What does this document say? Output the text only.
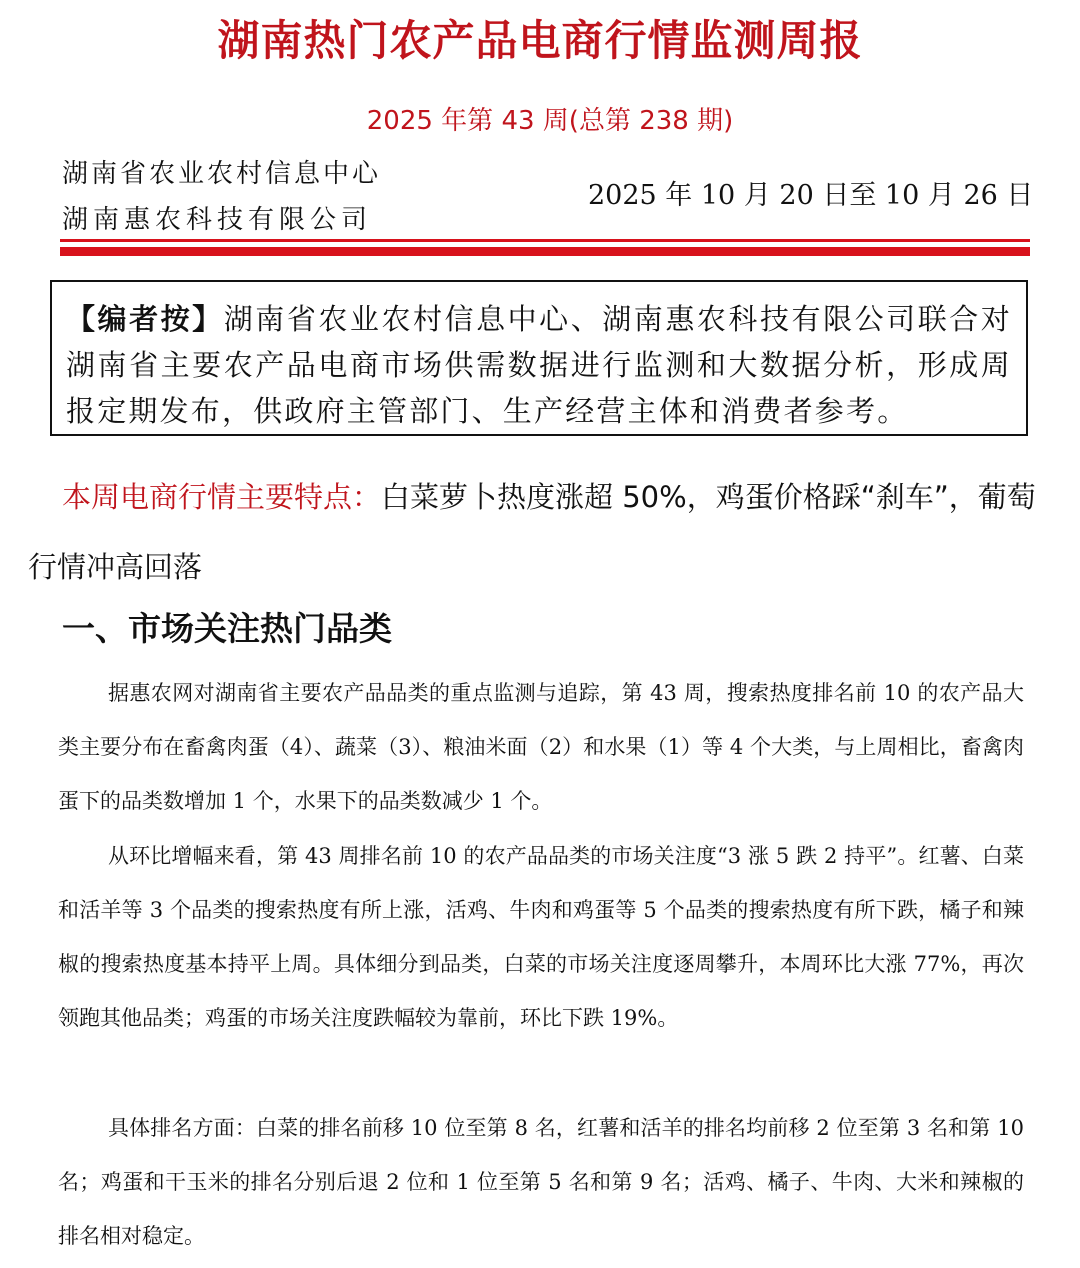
湖南热门农产品电商行情监测周报
2025 年第 43 周(总第 238 期)
湖南省农业农村信息中心
湖南惠农科技有限公司
2025 年 10 月 20 日至 10 月 26 日
【编者按】湖南省农业农村信息中心、湖南惠农科技有限公司联合对湖南省主要农产品电商市场供需数据进行监测和大数据分析，形成周报定期发布，供政府主管部门、生产经营主体和消费者参考。
本周电商行情主要特点：白菜萝卜热度涨超 50%，鸡蛋价格踩“刹车”，葡萄行情冲高回落
一、市场关注热门品类
据惠农网对湖南省主要农产品品类的重点监测与追踪，第 43 周，搜索热度排名前 10 的农产品大类主要分布在畜禽肉蛋（4）、蔬菜（3）、粮油米面（2）和水果（1）等 4 个大类，与上周相比，畜禽肉蛋下的品类数增加 1 个，水果下的品类数减少 1 个。
从环比增幅来看，第 43 周排名前 10 的农产品品类的市场关注度“3 涨 5 跌 2 持平”。红薯、白菜和活羊等 3 个品类的搜索热度有所上涨，活鸡、牛肉和鸡蛋等 5 个品类的搜索热度有所下跌，橘子和辣椒的搜索热度基本持平上周。具体细分到品类，白菜的市场关注度逐周攀升，本周环比大涨 77%，再次领跑其他品类；鸡蛋的市场关注度跌幅较为靠前，环比下跌 19%。
具体排名方面：白菜的排名前移 10 位至第 8 名，红薯和活羊的排名均前移 2 位至第 3 名和第 10 名；鸡蛋和干玉米的排名分别后退 2 位和 1 位至第 5 名和第 9 名；活鸡、橘子、牛肉、大米和辣椒的排名相对稳定。
